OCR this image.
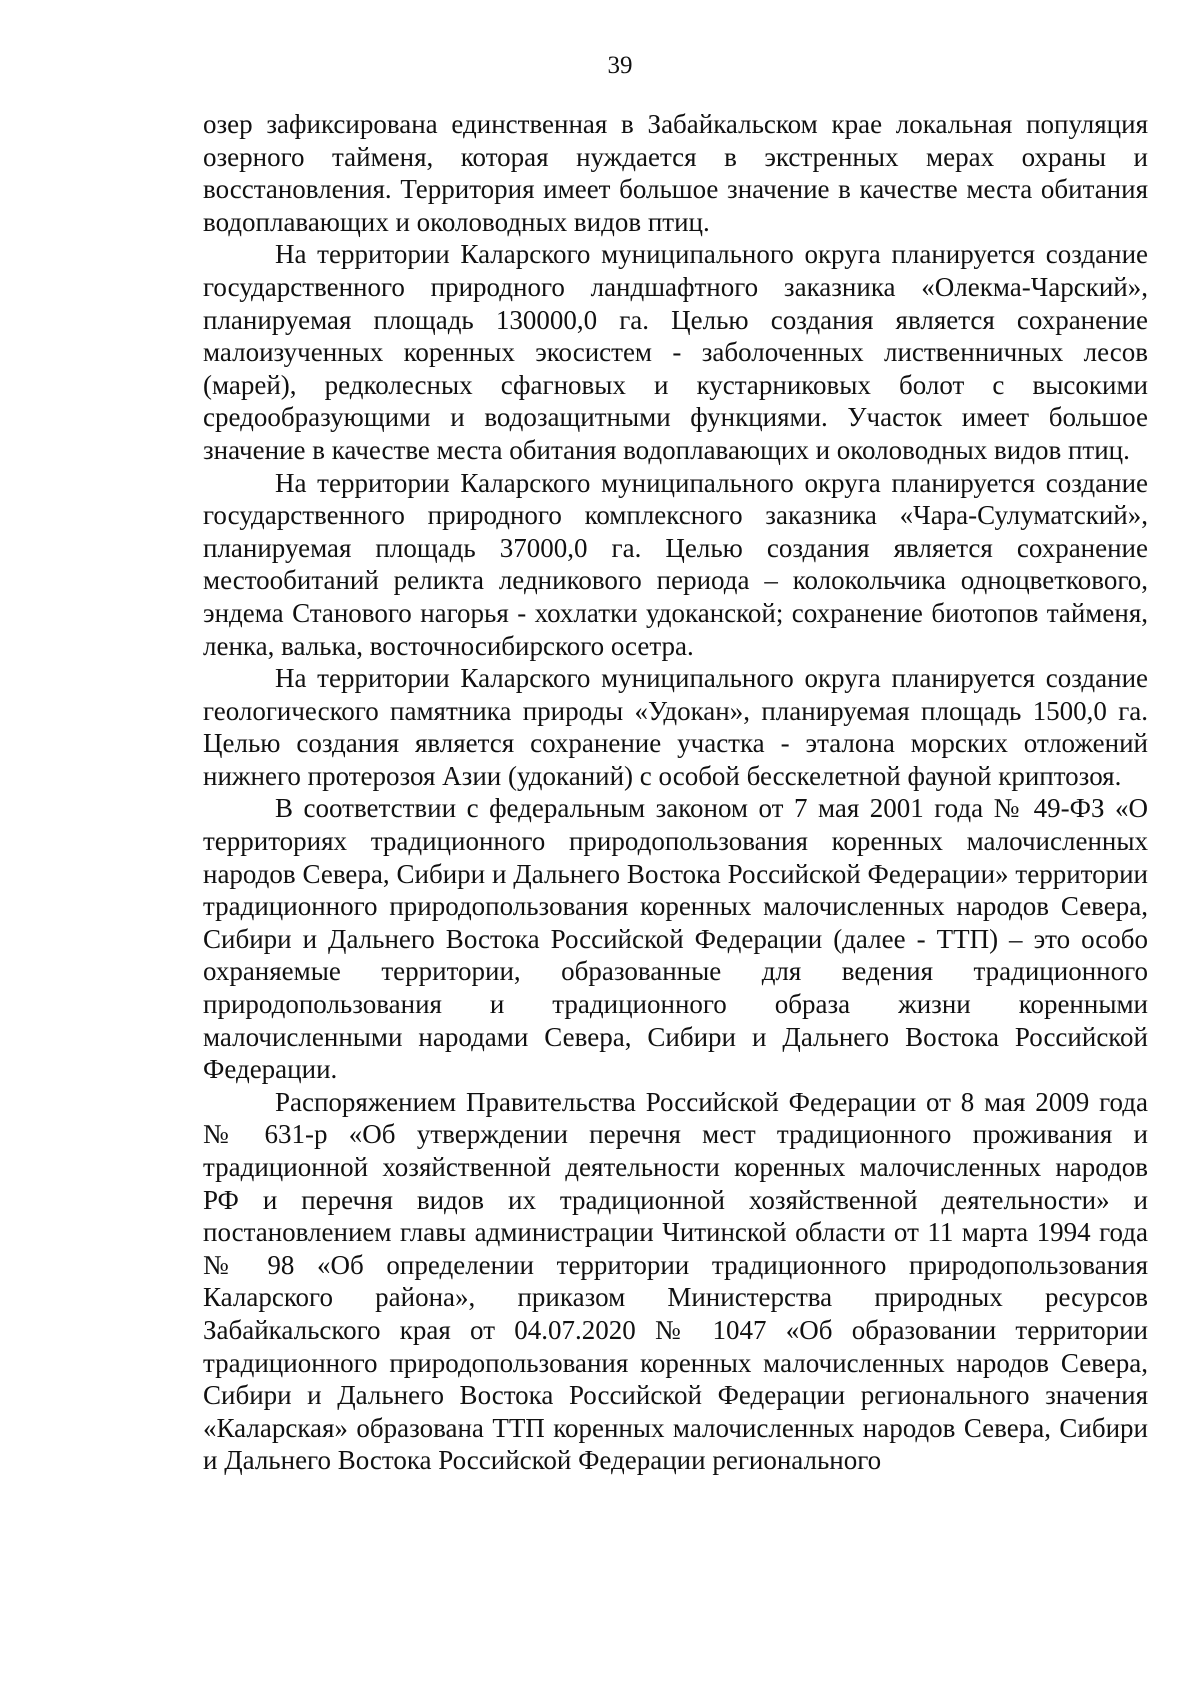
39

озер зафиксирована единственная в Забайкальском крае локальная популяция озерного тайменя, которая нуждается в экстренных мерах охраны и восстановления. Территория имеет большое значение в качестве места обитания водоплавающих и околоводных видов птиц.

На территории Каларского муниципального округа планируется создание государственного природного ландшафтного заказника «Олекма-Чарский», планируемая площадь 130000,0 га. Целью создания является сохранение малоизученных коренных экосистем - заболоченных лиственничных лесов (марей), редколесных сфагновых и кустарниковых болот с высокими средообразующими и водозащитными функциями. Участок имеет большое значение в качестве места обитания водоплавающих и околоводных видов птиц.

На территории Каларского муниципального округа планируется создание государственного природного комплексного заказника «Чара-Сулуматский», планируемая площадь 37000,0 га. Целью создания является сохранение местообитаний реликта ледникового периода – колокольчика одноцветкового, эндема Станового нагорья - хохлатки удоканской; сохранение биотопов тайменя, ленка, валька, восточносибирского осетра.

На территории Каларского муниципального округа планируется создание геологического памятника природы «Удокан», планируемая площадь 1500,0 га. Целью создания является сохранение участка - эталона морских отложений нижнего протерозоя Азии (удоканий) с особой бесскелетной фауной криптозоя.

В соответствии с федеральным законом от 7 мая 2001 года № 49-ФЗ «О территориях традиционного природопользования коренных малочисленных народов Севера, Сибири и Дальнего Востока Российской Федерации» территории традиционного природопользования коренных малочисленных народов Севера, Сибири и Дальнего Востока Российской Федерации (далее - ТТП) – это особо охраняемые территории, образованные для ведения традиционного природопользования и традиционного образа жизни коренными малочисленными народами Севера, Сибири и Дальнего Востока Российской Федерации.

Распоряжением Правительства Российской Федерации от 8 мая 2009 года № 631-р «Об утверждении перечня мест традиционного проживания и традиционной хозяйственной деятельности коренных малочисленных народов РФ и перечня видов их традиционной хозяйственной деятельности» и постановлением главы администрации Читинской области от 11 марта 1994 года № 98 «Об определении территории традиционного природопользования Каларского района», приказом Министерства природных ресурсов Забайкальского края от 04.07.2020 № 1047 «Об образовании территории традиционного природопользования коренных малочисленных народов Севера, Сибири и Дальнего Востока Российской Федерации регионального значения «Каларская» образована ТТП коренных малочисленных народов Севера, Сибири и Дальнего Востока Российской Федерации регионального
